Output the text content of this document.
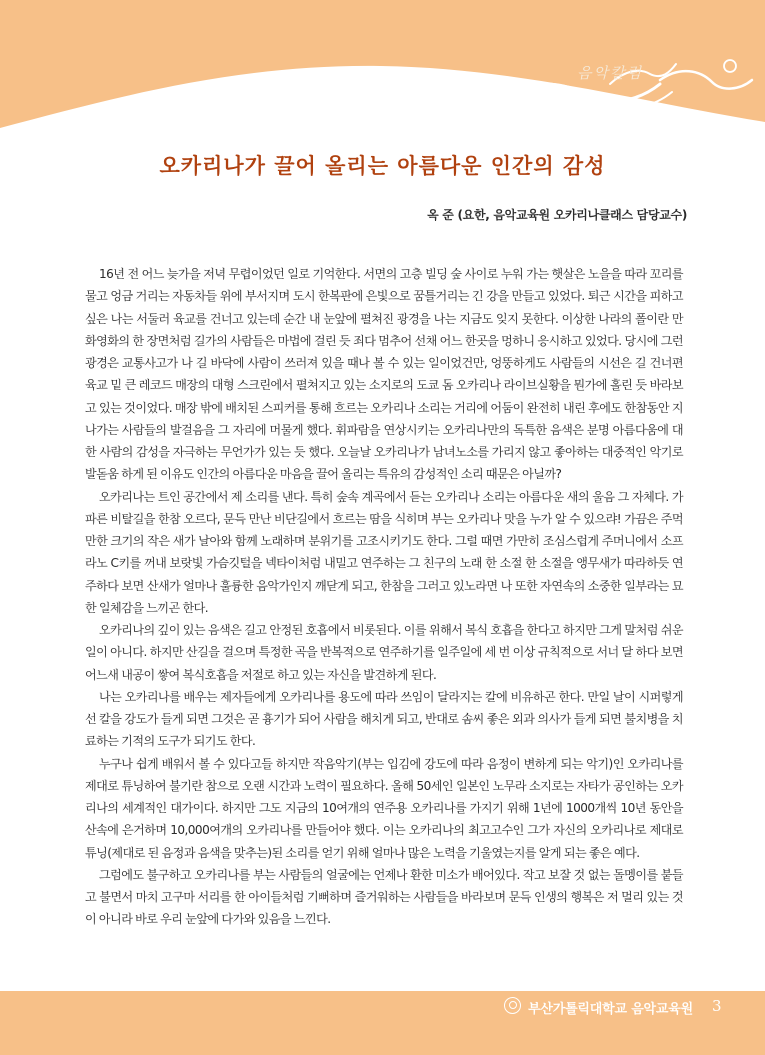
음악칼럼
오카리나가 끌어 올리는 아름다운 인간의 감성
옥 준 (요한, 음악교육원 오카리나클래스 담당교수)

16년 전 어느 늦가을 저녁 무렵이었던 일로 기억한다. 서면의 고층 빌딩 숲 사이로 누워 가는 햇살은 노을을 따라 꼬리를 물고 엉금 거리는 자동차들 위에 부서지며 도시 한복판에 은빛으로 꿈틀거리는 긴 강을 만들고 있었다. 퇴근 시간을 피하고 싶은 나는 서둘러 육교를 건너고 있는데 순간 내 눈앞에 펼쳐진 광경을 나는 지금도 잊지 못한다. 이상한 나라의 폴이란 만화영화의 한 장면처럼 길가의 사람들은 마법에 걸린 듯 죄다 멈추어 선채 어느 한곳을 멍하니 응시하고 있었다. 당시에 그런 광경은 교통사고가 나 길 바닥에 사람이 쓰러져 있을 때나 볼 수 있는 일이었건만, 엉뚱하게도 사람들의 시선은 길 건너편 육교 밑 큰 레코드 매장의 대형 스크린에서 펼쳐지고 있는 소지로의 도쿄 돔 오카리나 라이브실황을 뭔가에 홀린 듯 바라보고 있는 것이었다. 매장 밖에 배치된 스피커를 통해 흐르는 오카리나 소리는 거리에 어둠이 완전히 내린 후에도 한참동안 지나가는 사람들의 발걸음을 그 자리에 머물게 했다. 휘파람을 연상시키는 오카리나만의 독특한 음색은 분명 아름다움에 대한 사람의 감성을 자극하는 무언가가 있는 듯 했다. 오늘날 오카리나가 남녀노소를 가리지 않고 좋아하는 대중적인 악기로 발돋움 하게 된 이유도 인간의 아름다운 마음을 끌어 올리는 특유의 감성적인 소리 때문은 아닐까?

오카리나는 트인 공간에서 제 소리를 낸다. 특히 숲속 계곡에서 듣는 오카리나 소리는 아름다운 새의 울음 그 자체다. 가파른 비탈길을 한참 오르다, 문득 만난 비단길에서 흐르는 땀을 식히며 부는 오카리나 맛을 누가 알 수 있으랴! 가끔은 주먹만한 크기의 작은 새가 날아와 함께 노래하며 분위기를 고조시키기도 한다. 그럴 때면 가만히 조심스럽게 주머니에서 소프라노 C키를 꺼내 보랏빛 가슴깃털을 넥타이처럼 내밀고 연주하는 그 친구의 노래 한 소절 한 소절을 앵무새가 따라하듯 연주하다 보면 산새가 얼마나 훌륭한 음악가인지 깨닫게 되고, 한참을 그러고 있노라면 나 또한 자연속의 소중한 일부라는 묘한 일체감을 느끼곤 한다.

오카리나의 깊이 있는 음색은 길고 안정된 호흡에서 비롯된다. 이를 위해서 복식 호흡을 한다고 하지만 그게 말처럼 쉬운 일이 아니다. 하지만 산길을 걸으며 특정한 곡을 반복적으로 연주하기를 일주일에 세 번 이상 규칙적으로 서너 달 하다 보면 어느새 내공이 쌓여 복식호흡을 저절로 하고 있는 자신을 발견하게 된다.

나는 오카리나를 배우는 제자들에게 오카리나를 용도에 따라 쓰임이 달라지는 칼에 비유하곤 한다. 만일 날이 시퍼렇게 선 칼을 강도가 들게 되면 그것은 곧 흉기가 되어 사람을 해치게 되고, 반대로 솜씨 좋은 외과 의사가 들게 되면 불치병을 치료하는 기적의 도구가 되기도 한다.

누구나 쉽게 배워서 볼 수 있다고들 하지만 작음악기(부는 입김에 강도에 따라 음정이 변하게 되는 악기)인 오카리나를 제대로 튜닝하여 불기란 참으로 오랜 시간과 노력이 필요하다. 올해 50세인 일본인 노무라 소지로는 자타가 공인하는 오카리나의 세계적인 대가이다. 하지만 그도 지금의 10여개의 연주용 오카리나를 가지기 위해 1년에 1000개씩 10년 동안을 산속에 은거하며 10,000여개의 오카리나를 만들어야 했다. 이는 오카리나의 최고고수인 그가 자신의 오카리나로 제대로 튜닝(제대로 된 음정과 음색을 맞추는)된 소리를 얻기 위해 얼마나 많은 노력을 기울였는지를 알게 되는 좋은 예다.

그럼에도 불구하고 오카리나를 부는 사람들의 얼굴에는 언제나 환한 미소가 배어있다. 작고 보잘 것 없는 돌멩이를 붙들고 불면서 마치 고구마 서리를 한 아이들처럼 기뻐하며 즐거워하는 사람들을 바라보며 문득 인생의 행복은 저 멀리 있는 것이 아니라 바로 우리 눈앞에 다가와 있음을 느낀다.

부산가톨릭대학교 음악교육원 3
